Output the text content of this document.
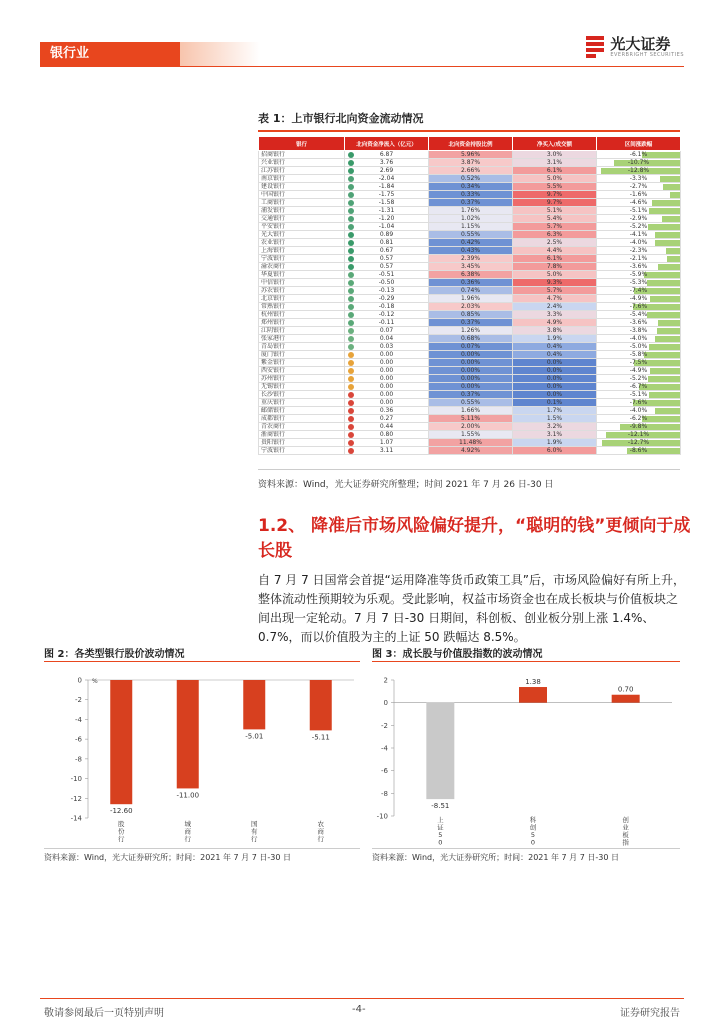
银行业
光大证券
EVERBRIGHT SECURITIES
表 1：上市银行北向资金流动情况
银行	北向资金净流入（亿元）	北向资金持股比例	净买入/成交额	区间涨跌幅
招商银行	6.87	5.96%	3.0%	-6.1%
兴业银行	3.76	3.87%	3.1%	-10.7%
江苏银行	2.69	2.66%	6.1%	-12.8%
南京银行	-2.04	0.52%	5.0%	-3.3%
建设银行	-1.84	0.34%	5.5%	-2.7%
中国银行	-1.75	0.33%	9.7%	-1.6%
工商银行	-1.58	0.37%	9.7%	-4.6%
浦发银行	-1.31	1.76%	5.1%	-5.1%
交通银行	-1.20	1.02%	5.4%	-2.9%
平安银行	-1.04	1.15%	5.7%	-5.2%
光大银行	0.89	0.55%	6.3%	-4.1%
农业银行	0.81	0.42%	2.5%	-4.0%
上海银行	0.67	0.43%	4.4%	-2.3%
宁波银行	0.57	2.39%	6.1%	-2.1%
渝农商行	0.57	3.45%	7.8%	-3.6%
华夏银行	-0.51	6.38%	5.0%	-5.9%
中信银行	-0.50	0.36%	9.3%	-5.3%
苏农银行	-0.13	0.74%	5.7%	-7.4%
北京银行	-0.29	1.96%	4.7%	-4.9%
常熟银行	-0.18	2.03%	2.4%	-7.6%
杭州银行	-0.12	0.85%	3.3%	-5.4%
郑州银行	-0.11	0.37%	4.9%	-3.6%
江阴银行	0.07	1.26%	3.8%	-3.8%
张家港行	0.04	0.68%	1.9%	-4.0%
青岛银行	0.03	0.07%	0.4%	-5.0%
厦门银行	0.00	0.00%	0.4%	-5.8%
紫金银行	0.00	0.00%	0.0%	-7.5%
西安银行	0.00	0.00%	0.0%	-4.9%
苏州银行	0.00	0.00%	0.0%	-5.2%
无锡银行	0.00	0.00%	0.0%	-6.7%
长沙银行	0.00	0.37%	0.0%	-5.1%
重庆银行	0.00	0.55%	0.1%	-7.6%
邮储银行	0.36	1.66%	1.7%	-4.0%
成都银行	0.27	5.11%	1.5%	-6.2%
青农商行	0.44	2.00%	3.2%	-9.8%
浙商银行	0.80	1.55%	3.1%	-12.1%
贵阳银行	1.07	11.48%	1.9%	-12.7%
宁波银行	3.11	4.92%	6.0%	-8.6%
资料来源：Wind，光大证券研究所整理；时间 2021 年 7 月 26 日-30 日
1.2、 降准后市场风险偏好提升，“聪明的钱”更倾向于成长股
自 7 月 7 日国常会首提“运用降准等货币政策工具”后，市场风险偏好有所上升，整体流动性预期较为乐观。受此影响，权益市场资金也在成长板块与价值板块之间出现一定轮动。7 月 7 日-30 日期间，科创板、创业板分别上涨 1.4%、0.7%，而以价值股为主的上证 50 跌幅达 8.5%。
图 2：各类型银行股价波动情况
0
-2
-4
-6
-8
-10
-12
-14
%
-12.60
股份行
-11.00
城商行
-5.01
国有行
-5.11
农商行
资料来源：Wind，光大证券研究所；时间：2021 年 7 月 7 日-30 日
图 3：成长股与价值股指数的波动情况
2
0
-2
-4
-6
-8
-10
-8.51
上证 5 0
1.38
科创 5 0
0.70
创业板指
资料来源：Wind，光大证券研究所；时间：2021 年 7 月 7 日-30 日
敬请参阅最后一页特别声明	-4-	证券研究报告
